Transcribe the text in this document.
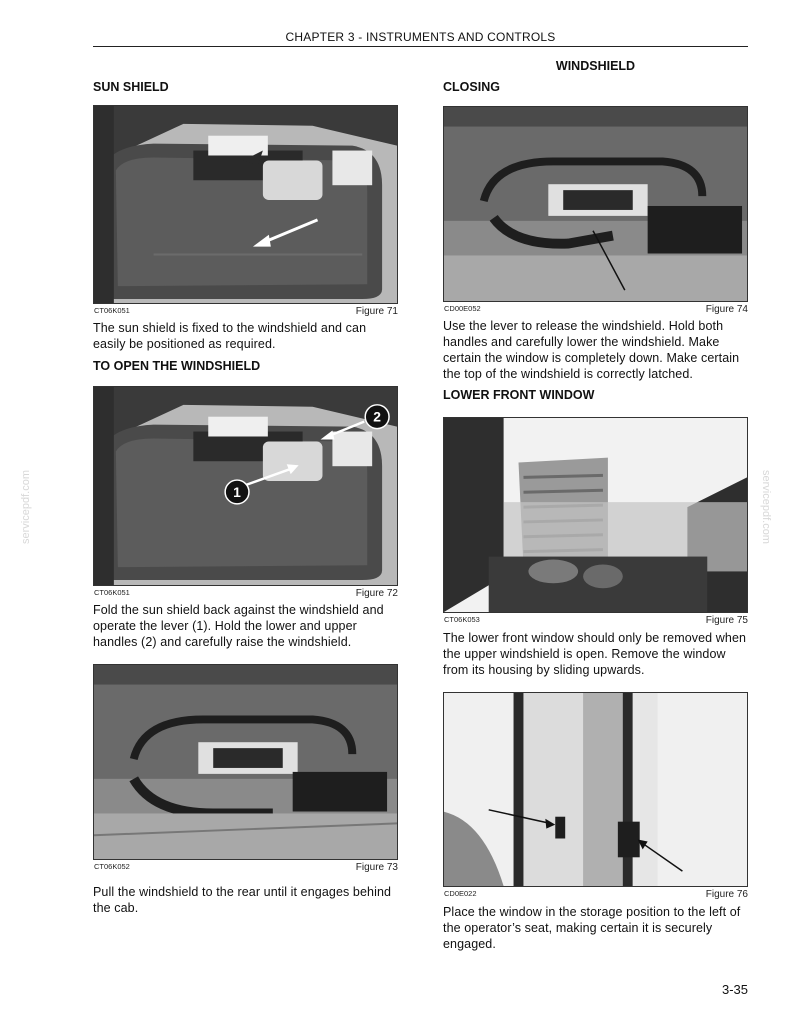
CHAPTER 3 - INSTRUMENTS AND CONTROLS
WINDSHIELD
servicepdf.com	servicepdf.com
SUN SHIELD
CT06K051	Figure 71
The sun shield is fixed to the windshield and can easily be positioned as required.
TO OPEN THE WINDSHIELD
2
1
CT06K051	Figure 72
Fold the sun shield back against the windshield and operate the lever (1). Hold the lower and upper handles (2) and carefully raise the windshield.
CT06K052	Figure 73
Pull the windshield to the rear until it engages behind the cab.
CLOSING
CD00E052	Figure 74
Use the lever to release the windshield. Hold both handles and carefully lower the windshield. Make certain the window is completely down. Make certain the top of the windshield is correctly latched.
LOWER FRONT WINDOW
CT06K053	Figure 75
The lower front window should only be removed when the upper windshield is open. Remove the window from its housing by sliding upwards.
CD0E022	Figure 76
Place the window in the storage position to the left of the operator’s seat, making certain it is securely engaged.
3-35
